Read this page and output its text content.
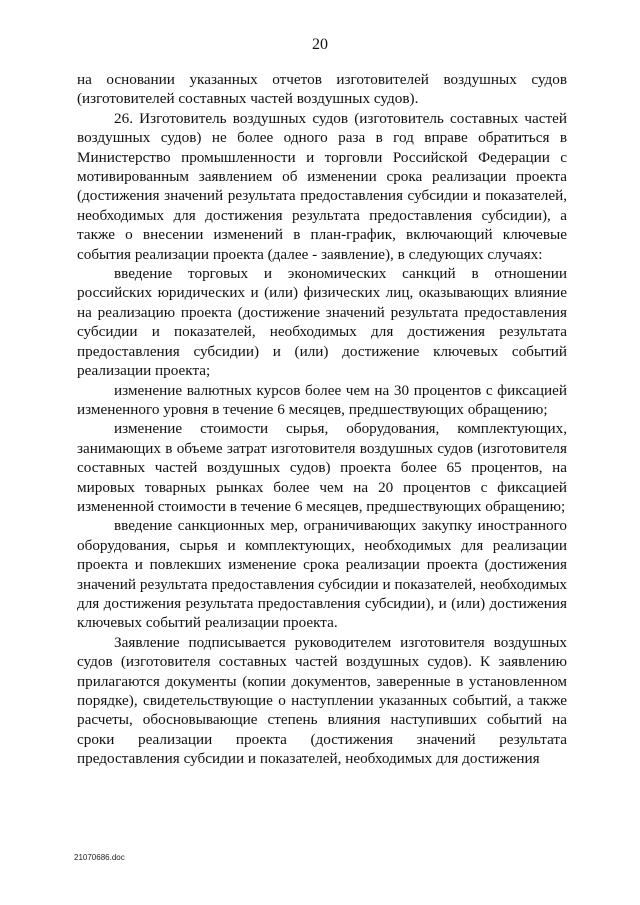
20

на основании указанных отчетов изготовителей воздушных судов (изготовителей составных частей воздушных судов).

26. Изготовитель воздушных судов (изготовитель составных частей воздушных судов) не более одного раза в год вправе обратиться в Министерство промышленности и торговли Российской Федерации с мотивированным заявлением об изменении срока реализации проекта (достижения значений результата предоставления субсидии и показателей, необходимых для достижения результата предоставления субсидии), а также о внесении изменений в план-график, включающий ключевые события реализации проекта (далее - заявление), в следующих случаях:

введение торговых и экономических санкций в отношении российских юридических и (или) физических лиц, оказывающих влияние на реализацию проекта (достижение значений результата предоставления субсидии и показателей, необходимых для достижения результата предоставления субсидии) и (или) достижение ключевых событий реализации проекта;

изменение валютных курсов более чем на 30 процентов с фиксацией измененного уровня в течение 6 месяцев, предшествующих обращению;

изменение стоимости сырья, оборудования, комплектующих, занимающих в объеме затрат изготовителя воздушных судов (изготовителя составных частей воздушных судов) проекта более 65 процентов, на мировых товарных рынках более чем на 20 процентов с фиксацией измененной стоимости в течение 6 месяцев, предшествующих обращению;

введение санкционных мер, ограничивающих закупку иностранного оборудования, сырья и комплектующих, необходимых для реализации проекта и повлекших изменение срока реализации проекта (достижения значений результата предоставления субсидии и показателей, необходимых для достижения результата предоставления субсидии), и (или) достижения ключевых событий реализации проекта.

Заявление подписывается руководителем изготовителя воздушных судов (изготовителя составных частей воздушных судов). К заявлению прилагаются документы (копии документов, заверенные в установленном порядке), свидетельствующие о наступлении указанных событий, а также расчеты, обосновывающие степень влияния наступивших событий на сроки реализации проекта (достижения значений результата предоставления субсидии и показателей, необходимых для достижения

21070686.doc
